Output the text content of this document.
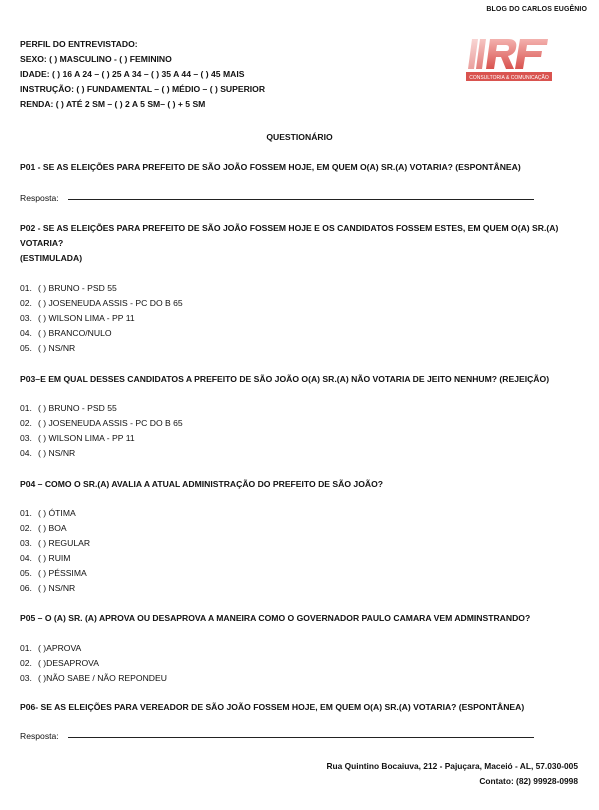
BLOG DO CARLOS EUGÊNIO
PERFIL DO ENTREVISTADO:
SEXO: ( ) MASCULINO - ( ) FEMININO
IDADE: ( ) 16 A 24 – ( ) 25 A 34 – ( ) 35 A 44 – ( ) 45 MAIS
INSTRUÇÃO: ( ) FUNDAMENTAL – ( ) MÉDIO – ( ) SUPERIOR
RENDA: ( ) ATÉ 2 SM – ( ) 2 A 5 SM– ( ) + 5 SM
CONSULTORIA & COMUNICAÇÃO
QUESTIONÁRIO
P01 - SE AS ELEIÇÕES PARA PREFEITO DE SÃO JOÃO FOSSEM HOJE, EM QUEM O(A) SR.(A) VOTARIA? (ESPONTÂNEA)
Resposta:
P02 - SE AS ELEIÇÕES PARA PREFEITO DE SÃO JOÃO FOSSEM HOJE E OS CANDIDATOS FOSSEM ESTES, EM QUEM O(A) SR.(A) VOTARIA?
(ESTIMULADA)
01. ( ) BRUNO - PSD 55
02. ( ) JOSENEUDA ASSIS - PC DO B 65
03. ( ) WILSON LIMA - PP 11
04. ( ) BRANCO/NULO
05. ( ) NS/NR
P03–E EM QUAL DESSES CANDIDATOS A PREFEITO DE SÃO JOÃO O(A) SR.(A) NÃO VOTARIA DE JEITO NENHUM? (REJEIÇÃO)
01. ( ) BRUNO - PSD 55
02. ( ) JOSENEUDA ASSIS - PC DO B 65
03. ( ) WILSON LIMA - PP 11
04. ( ) NS/NR
P04 – COMO O SR.(A) AVALIA A ATUAL ADMINISTRAÇÃO DO PREFEITO DE SÃO JOÃO?
01. ( ) ÓTIMA
02. ( ) BOA
03. ( ) REGULAR
04. ( ) RUIM
05. ( ) PÉSSIMA
06. ( ) NS/NR
P05 – O (A) SR. (A) APROVA OU DESAPROVA A MANEIRA COMO O GOVERNADOR PAULO CAMARA VEM ADMINSTRANDO?
01. ( )APROVA
02. ( )DESAPROVA
03. ( )NÃO SABE / NÃO REPONDEU
P06- SE AS ELEIÇÕES PARA VEREADOR DE SÃO JOÃO FOSSEM HOJE, EM QUEM O(A) SR.(A) VOTARIA? (ESPONTÂNEA)
Resposta:
Rua Quintino Bocaiuva, 212 - Pajuçara, Maceió - AL, 57.030-005
Contato: (82) 99928-0998
